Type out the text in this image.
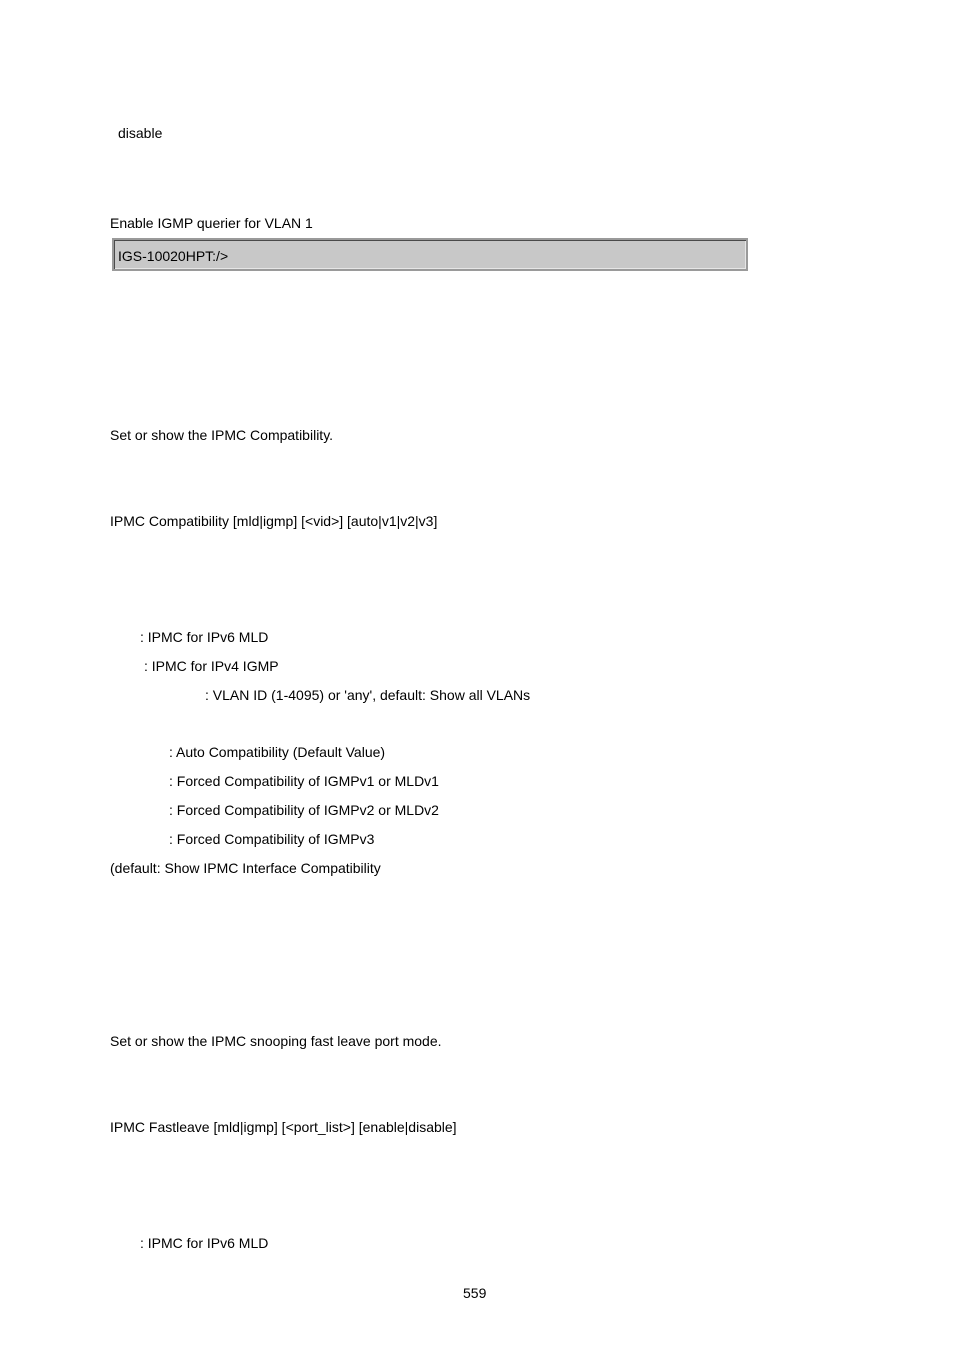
disable
Enable IGMP querier for VLAN 1
IGS-10020HPT:/>
Set or show the IPMC Compatibility.
IPMC Compatibility [mld|igmp] [<vid>] [auto|v1|v2|v3]
: IPMC for IPv6 MLD
: IPMC for IPv4 IGMP
: VLAN ID (1-4095) or 'any', default: Show all VLANs
: Auto Compatibility (Default Value)
: Forced Compatibility of IGMPv1 or MLDv1
: Forced Compatibility of IGMPv2 or MLDv2
: Forced Compatibility of IGMPv3
(default: Show IPMC Interface Compatibility
Set or show the IPMC snooping fast leave port mode.
IPMC Fastleave [mld|igmp] [<port_list>] [enable|disable]
: IPMC for IPv6 MLD
559
